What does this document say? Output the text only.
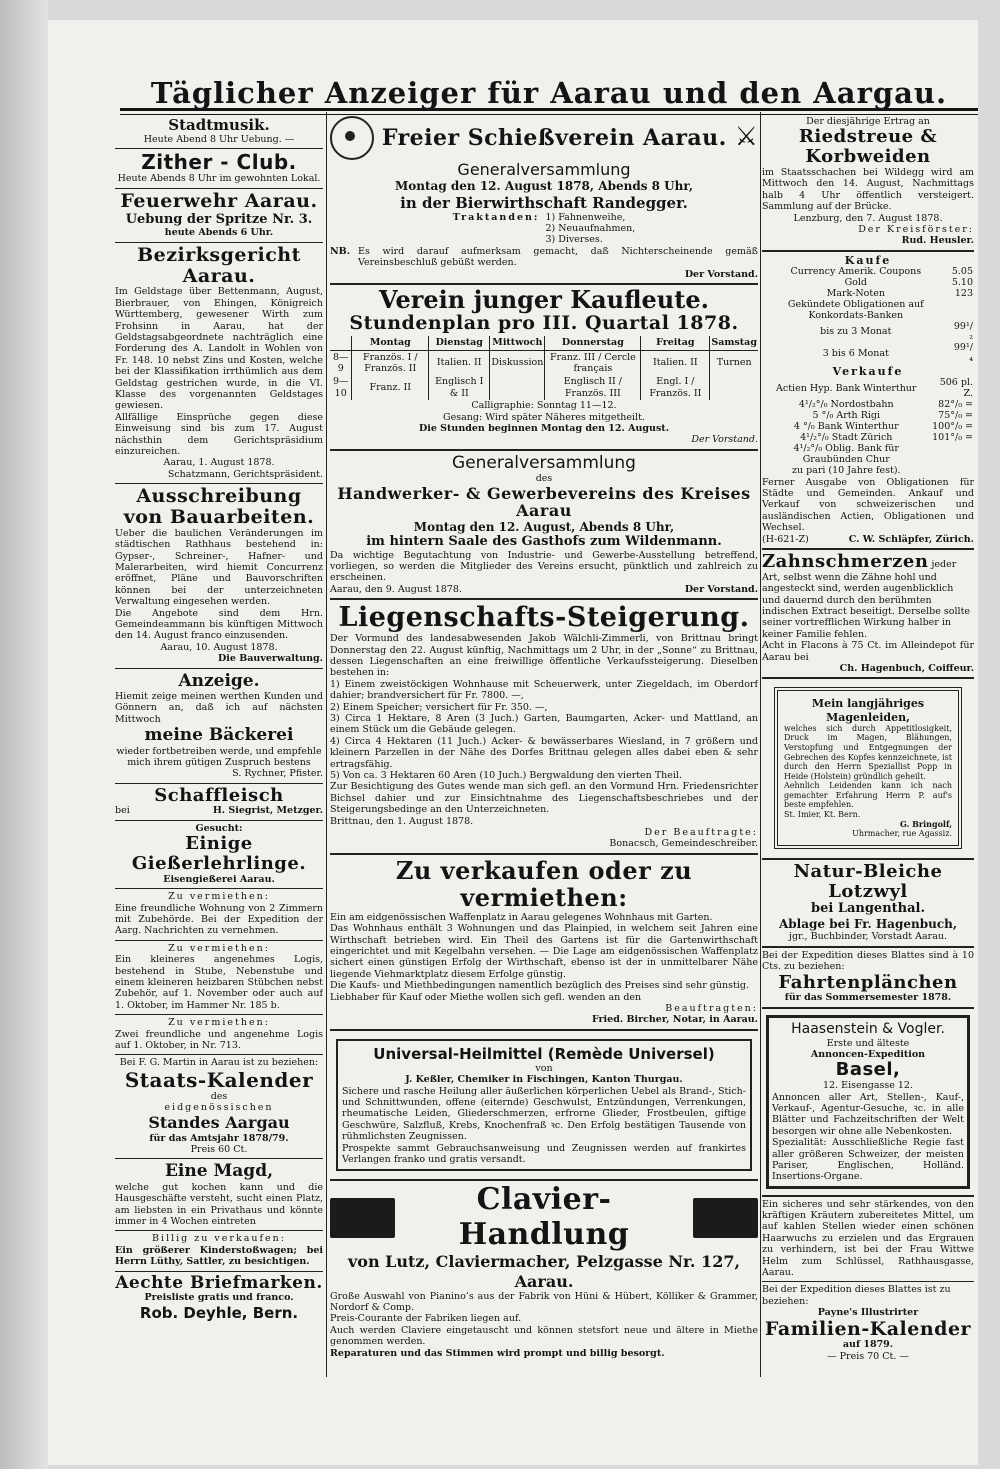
Täglicher Anzeiger für Aarau und den Aargau.
Stadtmusik.
Heute Abend 8 Uhr Uebung. —
Zither - Club.
Heute Abends 8 Uhr im gewohnten Lokal.
Feuerwehr Aarau.
Uebung der Spritze Nr. 3.
heute Abends 6 Uhr.
Bezirksgericht Aarau.
Im Geldstage über Bettenmann, August, Bierbrauer, von Ehingen, Königreich Württemberg, gewesener Wirth zum Frohsinn in Aarau, hat der Geldstagsabgeordnete nachträglich eine Forderung des A. Landolt in Wohlen von Fr. 148. 10 nebst Zins und Kosten, welche bei der Klassifikation irrthümlich aus dem Geldstag gestrichen wurde, in die VI. Klasse des vorgenannten Geldstages gewiesen.
Allfällige Einsprüche gegen diese Einweisung sind bis zum 17. August nächsthin dem Gerichtspräsidium einzureichen.
Aarau, 1. August 1878.
Schatzmann, Gerichtspräsident.
Ausschreibung
von Bauarbeiten.
Ueber die baulichen Veränderungen im städtischen Rathhaus bestehend in: Gypser-, Schreiner-, Hafner- und Malerarbeiten, wird hiemit Concurrenz eröffnet, Pläne und Bauvorschriften können bei der unterzeichneten Verwaltung eingesehen werden.
Die Angebote sind dem Hrn. Gemeindeammann bis künftigen Mittwoch den 14. August franco einzusenden.
Aarau, 10. August 1878.
Die Bauverwaltung.
Anzeige.
Hiemit zeige meinen werthen Kunden und Gönnern an, daß ich auf nächsten Mittwoch
meine Bäckerei
wieder fortbetreiben werde, und empfehle mich ihrem gütigen Zuspruch bestens
S. Rychner, Pfister.
Schaffleisch
bei	H. Siegrist, Metzger.
Gesucht:
Einige Gießerlehrlinge.
Eisengießerei Aarau.
Zu vermiethen:
Eine freundliche Wohnung von 2 Zimmern mit Zubehörde. Bei der Expedition der Aarg. Nachrichten zu vernehmen.
Zu vermiethen:
Ein kleineres angenehmes Logis, bestehend in Stube, Nebenstube und einem kleineren heizbaren Stübchen nebst Zubehör, auf 1. November oder auch auf 1. Oktober, im Hammer Nr. 185 b.
Zu vermiethen:
Zwei freundliche und angenehme Logis auf 1. Oktober, in Nr. 713.
Bei F. G. Martin in Aarau ist zu beziehen:
Staats-Kalender
des
eidgenössischen
Standes Aargau
für das Amtsjahr 1878/79.
Preis 60 Ct.
Eine Magd,
welche gut kochen kann und die Hausgeschäfte versteht, sucht einen Platz, am liebsten in ein Privathaus und könnte immer in 4 Wochen eintreten
Billig zu verkaufen:
Ein größerer Kinderstoßwagen; bei Herrn Lüthy, Sattler, zu besichtigen.
Aechte Briefmarken.
Preisliste gratis und franco.
Rob. Deyhle, Bern.
Freier Schießverein Aarau. ⚔
Generalversammlung
Montag den 12. August 1878, Abends 8 Uhr,
in der Bierwirthschaft Randegger.
Traktanden: 1) Fahnenweihe,
2) Neuaufnahmen,
3) Diverses.
NB. Es wird darauf aufmerksam gemacht, daß Nichterscheinende gemäß Vereinsbeschluß gebüßt werden.
Der Vorstand.
Verein junger Kaufleute.
Stundenplan pro III. Quartal 1878.
	Montag	Dienstag	Mittwoch	Donnerstag	Freitag	Samstag
8—9	Französ. I / Französ. II	Italien. II	Diskussion	Franz. III / Cercle français	Italien. II	Turnen
9—10	Franz. II	Englisch I & II		Englisch II / Französ. III	Engl. I / Französ. II	
Calligraphie: Sonntag 11—12.
Gesang: Wird später Näheres mitgetheilt.
Die Stunden beginnen Montag den 12. August.
Der Vorstand.
Generalversammlung
des
Handwerker- & Gewerbevereins des Kreises Aarau
Montag den 12. August, Abends 8 Uhr,
im hintern Saale des Gasthofs zum Wildenmann.
Da wichtige Begutachtung von Industrie- und Gewerbe-Ausstellung betreffend, vorliegen, so werden die Mitglieder des Vereins ersucht, pünktlich und zahlreich zu erscheinen.
Aarau, den 9. August 1878.	Der Vorstand.
Liegenschafts-Steigerung.
Der Vormund des landesabwesenden Jakob Wälchli-Zimmerli, von Brittnau bringt Donnerstag den 22. August künftig, Nachmittags um 2 Uhr, in der „Sonne“ zu Brittnau, dessen Liegenschaften an eine freiwillige öffentliche Verkaufssteigerung. Dieselben bestehen in:
1) Einem zweistöckigen Wohnhause mit Scheuerwerk, unter Ziegeldach, im Oberdorf dahier; brandversichert für Fr. 7800. —,
2) Einem Speicher; versichert für Fr. 350. —,
3) Circa 1 Hektare, 8 Aren (3 Juch.) Garten, Baumgarten, Acker- und Mattland, an einem Stück um die Gebäude gelegen.
4) Circa 4 Hektaren (11 Juch.) Acker- & bewässerbares Wiesland, in 7 größern und kleinern Parzellen in der Nähe des Dorfes Brittnau gelegen alles dabei eben & sehr ertragsfähig.
5) Von ca. 3 Hektaren 60 Aren (10 Juch.) Bergwaldung den vierten Theil.
Zur Besichtigung des Gutes wende man sich gefl. an den Vormund Hrn. Friedensrichter Bichsel dahier und zur Einsichtnahme des Liegenschaftsbeschriebes und der Steigerungsbedinge an den Unterzeichneten.
Brittnau, den 1. August 1878.
Der Beauftragte:
Bonacsch, Gemeindeschreiber.
Zu verkaufen oder zu vermiethen:
Ein am eidgenössischen Waffenplatz in Aarau gelegenes Wohnhaus mit Garten.
Das Wohnhaus enthält 3 Wohnungen und das Plainpied, in welchem seit Jahren eine Wirthschaft betrieben wird. Ein Theil des Gartens ist für die Gartenwirthschaft eingerichtet und mit Kegelbahn versehen. — Die Lage am eidgenössischen Waffenplatz sichert einen günstigen Erfolg der Wirthschaft, ebenso ist der in unmittelbarer Nähe liegende Viehmarktplatz diesem Erfolge günstig.
Die Kaufs- und Miethbedingungen namentlich bezüglich des Preises sind sehr günstig.
Liebhaber für Kauf oder Miethe wollen sich gefl. wenden an den
Beauftragten:
Fried. Bircher, Notar, in Aarau.
Universal-Heilmittel (Remède Universel)
von
J. Keßler, Chemiker in Fischingen, Kanton Thurgau.
Sichere und rasche Heilung aller äußerlichen körperlichen Uebel als Brand-, Stich- und Schnittwunden, offene (eiternde) Geschwulst, Entzündungen, Verrenkungen, rheumatische Leiden, Gliederschmerzen, erfrorne Glieder, Frostbeulen, giftige Geschwüre, Salzfluß, Krebs, Knochenfraß ꝛc. Den Erfolg bestätigen Tausende von rühmlichsten Zeugnissen.
Prospekte sammt Gebrauchsanweisung und Zeugnissen werden auf frankirtes Verlangen franko und gratis versandt.
Clavier-Handlung
von Lutz, Claviermacher, Pelzgasse Nr. 127, Aarau.
Große Auswahl von Pianino’s aus der Fabrik von Hüni & Hübert, Kölliker & Grammer, Nordorf & Comp.
Preis-Courante der Fabriken liegen auf.
Auch werden Claviere eingetauscht und können stetsfort neue und ältere in Miethe genommen werden.
Reparaturen und das Stimmen wird prompt und billig besorgt.
Der diesjährige Ertrag an
Riedstreue & Korbweiden
im Staatsschachen bei Wildegg wird am Mittwoch den 14. August, Nachmittags halb 4 Uhr öffentlich versteigert. Sammlung auf der Brücke.
Lenzburg, den 7. August 1878.
Der Kreisförster:
Rud. Heusler.
Kaufe
Currency Amerik. Coupons	5.05
Gold	5.10
Mark-Noten	123
Gekündete Obligationen auf Konkordats-Banken	
bis zu 3 Monat	99¹/₂
3 bis 6 Monat	99¹/₄
Verkaufe
Actien Hyp. Bank Winterthur	506 pl. Z.
4¹/₂°/₀ Nordostbahn	82°/₀ =
5 °/₀ Arth Rigi	75°/₀ =
4 °/₀ Bank Winterthur	100°/₀ =
4¹/₂°/₀ Stadt Zürich	101°/₀ =
4¹/₂°/₀ Oblig. Bank für Graubünden Chur	
zu pari (10 Jahre fest).	
Ferner Ausgabe von Obligationen für Städte und Gemeinden. Ankauf und Verkauf von schweizerischen und ausländischen Actien, Obligationen und Wechsel.
(H-621-Z)	C. W. Schläpfer, Zürich.
Zahnschmerzen jeder Art, selbst wenn die Zähne hohl und angesteckt sind, werden augenblicklich und dauernd durch den berühmten indischen Extract beseitigt. Derselbe sollte seiner vortrefflichen Wirkung halber in keiner Familie fehlen.
Acht in Flacons à 75 Ct. im Alleindepot für Aarau bei
Ch. Hagenbuch, Coiffeur.
Mein langjähriges
Magenleiden,
welches sich durch Appetitlosigkeit, Druck im Magen, Blähungen, Verstopfung und Entgegnungen der Gebrechen des Kopfes kennzeichnete, ist durch den Herrn Speziallist Popp in Heide (Holstein) gründlich geheilt.
Aehnlich Leidenden kann ich nach gemachter Erfahrung Herrn P. auf's beste empfehlen.
St. Imier, Kt. Bern.
G. Bringolf,
Uhrmacher, rue Agassiz.
Natur-Bleiche Lotzwyl
bei Langenthal.
Ablage bei Fr. Hagenbuch,
jgr., Buchbinder, Vorstadt Aarau.
Bei der Expedition dieses Blattes sind à 10 Cts. zu beziehen:
Fahrtenplänchen
für das Sommersemester 1878.
Haasenstein & Vogler.
Erste und älteste
Annoncen-Expedition
Basel,
12. Eisengasse 12.
Annoncen aller Art, Stellen-, Kauf-, Verkauf-, Agentur-Gesuche, ꝛc. in alle Blätter und Fachzeitschriften der Welt besorgen wir ohne alle Nebenkosten.
Spezialität: Ausschließliche Regie fast aller größeren Schweizer, der meisten Pariser, Englischen, Holländ. Insertions-Organe.
Ein sicheres und sehr stärkendes, von den kräftigen Kräutern zubereitetes Mittel, um auf kahlen Stellen wieder einen schönen Haarwuchs zu erzielen und das Ergrauen zu verhindern, ist bei der Frau Wittwe Helm zum Schlüssel, Rathhausgasse, Aarau.
Bei der Expedition dieses Blattes ist zu beziehen:
Payne's Illustrirter
Familien-Kalender
auf 1879.
— Preis 70 Ct. —
